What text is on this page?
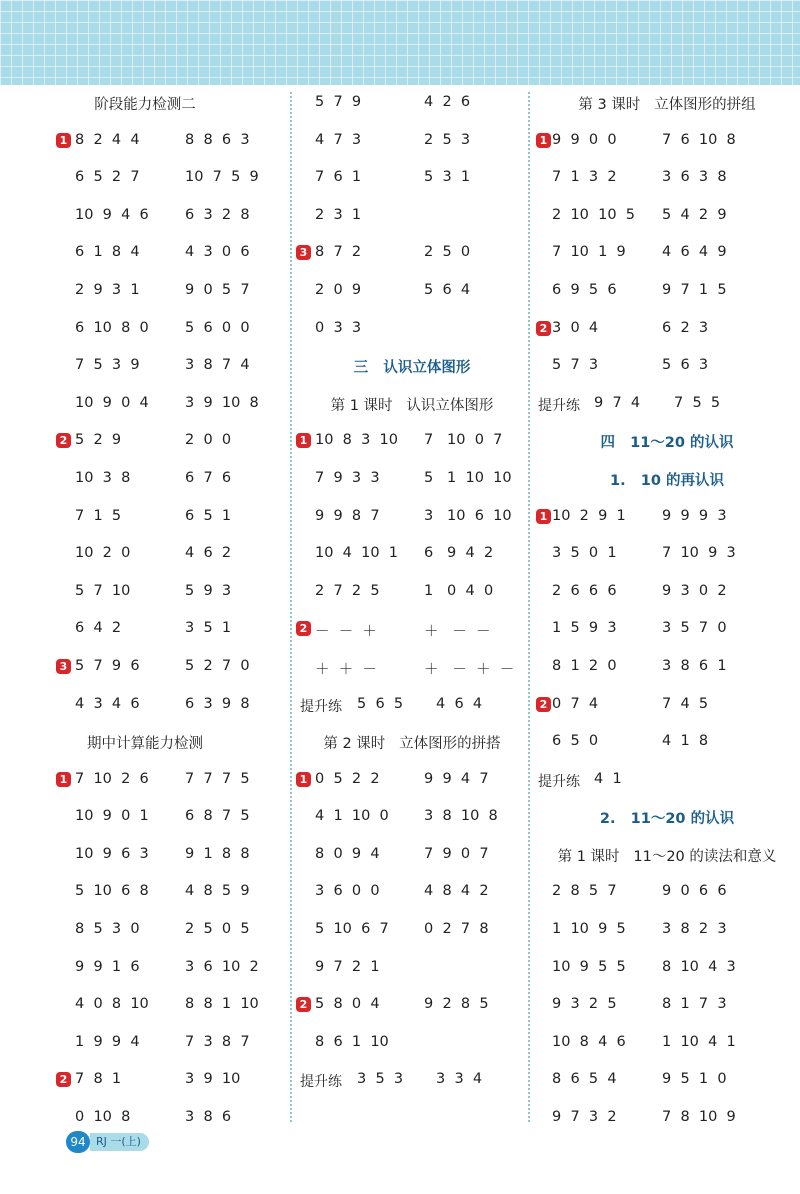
阶段能力检测二
1 8  2  4  4	8  8  6  3
6  5  2  7	10  7  5  9
10  9  4  6 6  3  2  8
6  1  8  4	4  3  0  6
2  9  3  1	9  0  5  7
6  10  8  0 5  6  0  0
7  5  3  9	3  8  7  4
10  9  0  4 3  9  10  8
2 5  2  9	2  0  0
10  3  8	6  7  6
7  1  5	6  5  1
10  2  0	4  6  2
5  7  10	5  9  3
6  4  2	3  5  1
3 5  7  9  6	5  2  7  0
4  3  4  6	6  3  9  8
期中计算能力检测
1 7  10  2  6 7  7  7  5
10  9  0  1 6  8  7  5
10  9  6  3 9  1  8  8
5  10  6  8 4  8  5  9
8  5  3  0	2  5  0  5
9  9  1  6	3  6  10  2
4  0  8  10 8  8  1  10
1  9  9  4	7  3  8  7
2 7  8  1	3  9  10
0  10  8	3  8  6
5  7  9	4  2  6
4  7  3	2  5  3
7  6  1	5  3  1
2  3  1
3 8  7  2	2  5  0
2  0  9	5  6  4
0  3  3
三   认识立体图形
第 1 课时   认识立体图形
1 10  8  3  10 7   10  0  7
7  9  3  3	5   1  10  10
9  9  8  7	3   10  6  10
10  4  10  1 6   9  4  2
2  7  2  5	1   0  4  0
2 －  －  ＋	＋   －  －
＋  ＋  －	＋   －  ＋  －
提升练 5  6  5 4  6  4
第 2 课时   立体图形的拼搭
1 0  5  2  2	9  9  4  7
4  1  10  0 3  8  10  8
8  0  9  4	7  9  0  7
3  6  0  0	4  8  4  2
5  10  6  7 0  2  7  8
9  7  2  1
2 5  8  0  4	9  2  8  5
8  6  1  10
提升练 3  5  3 3  3  4
第 3 课时   立体图形的拼组
1 9  9  0  0	7  6  10  8
7  1  3  2	3  6  3  8
2  10  10  5 5  4  2  9
7  10  1  9 4  6  4  9
6  9  5  6	9  7  1  5
2 3  0  4	6  2  3
5  7  3	5  6  3
提升练 9  7  4 7  5  5
四   11～20 的认识
1.   10 的再认识
1 10  2  9  1 9  9  9  3
3  5  0  1	7  10  9  3
2  6  6  6	9  3  0  2
1  5  9  3	3  5  7  0
8  1  2  0	3  8  6  1
2 0  7  4	7  4  5
6  5  0	4  1  8
提升练 4  1
2.   11～20 的认识
第 1 课时   11～20 的读法和意义
2  8  5  7	9  0  6  6
1  10  9  5 3  8  2  3
10  9  5  5 8  10  4  3
9  3  2  5	8  1  7  3
10  8  4  6 1  10  4  1
8  6  5  4	9  5  1  0
9  7  3  2	7  8  10  9
94 RJ 一(上)
